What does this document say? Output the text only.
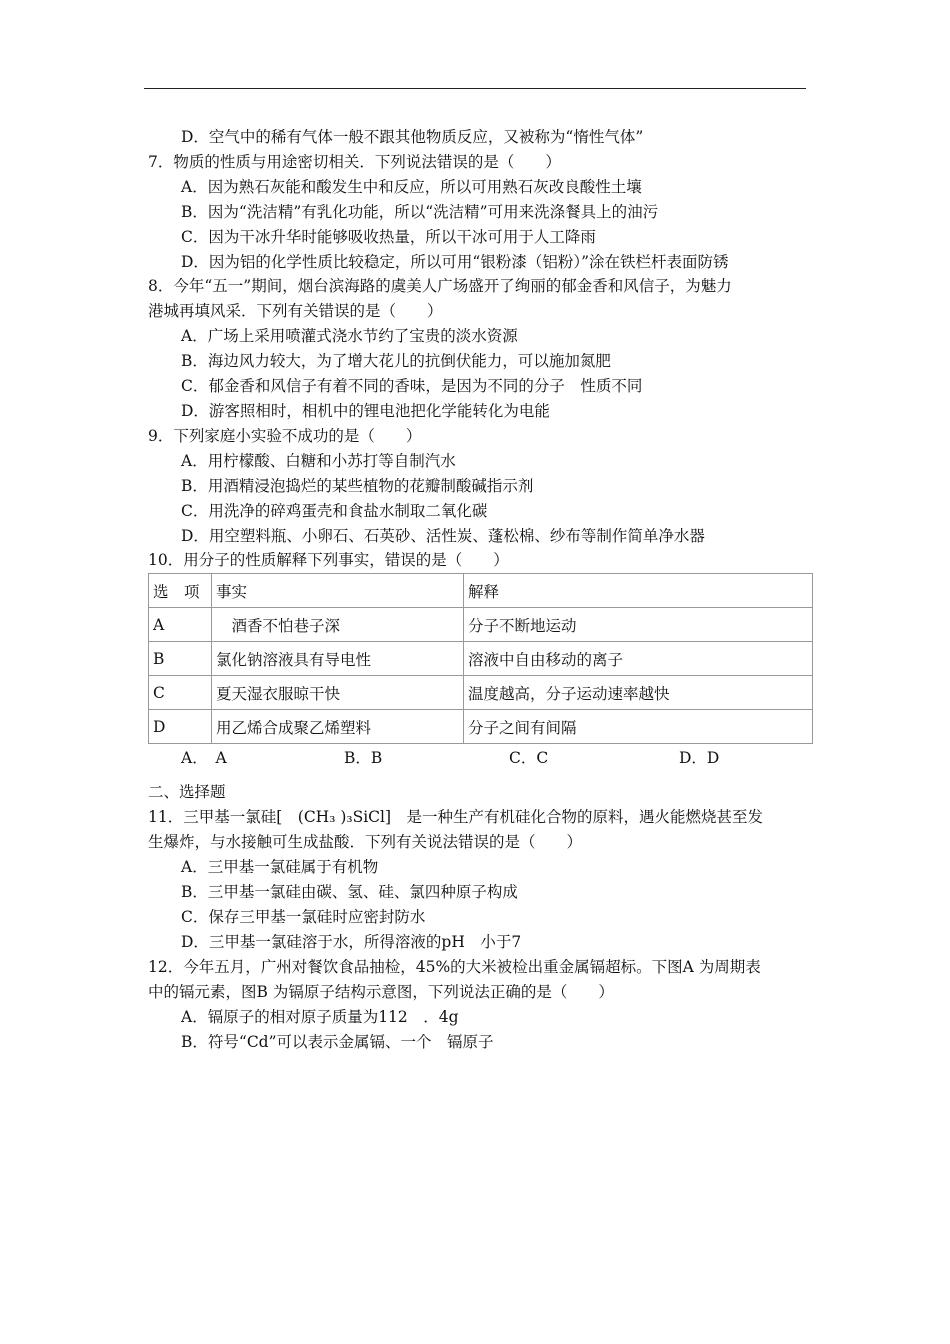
D．空气中的稀有气体一般不跟其他物质反应，又被称为“惰性气体”
7．物质的性质与用途密切相关．下列说法错误的是（　　）
A．因为熟石灰能和酸发生中和反应，所以可用熟石灰改良酸性土壤
B．因为“洗洁精”有乳化功能，所以“洗洁精”可用来洗涤餐具上的油污
C．因为干冰升华时能够吸收热量，所以干冰可用于人工降雨
D．因为铝的化学性质比较稳定，所以可用“银粉漆（铝粉）”涂在铁栏杆表面防锈
8．今年“五一”期间，烟台滨海路的虞美人广场盛开了绚丽的郁金香和风信子，为魅力
港城再填风采．下列有关错误的是（　　）
A．广场上采用喷灌式浇水节约了宝贵的淡水资源
B．海边风力较大，为了增大花儿的抗倒伏能力，可以施加氮肥
C．郁金香和风信子有着不同的香味，是因为不同的分子　性质不同
D．游客照相时，相机中的锂电池把化学能转化为电能
9．下列家庭小实验不成功的是（　　）
A．用柠檬酸、白糖和小苏打等自制汽水
B．用酒精浸泡捣烂的某些植物的花瓣制酸碱指示剂
C．用洗净的碎鸡蛋壳和食盐水制取二氧化碳
D．用空塑料瓶、小卵石、石英砂、活性炭、蓬松棉、纱布等制作简单净水器
10．用分子的性质解释下列事实，错误的是（　　）
选　项	事实	解释
A	　酒香不怕巷子深	分子不断地运动
B	氯化钠溶液具有导电性	溶液中自由移动的离子
C	夏天湿衣服晾干快	温度越高，分子运动速率越快
D	用乙烯合成聚乙烯塑料	分子之间有间隔
A．　A	B．B	C．C	D．D
二、选择题
11．三甲基一氯硅[　(CH₃ )₃SiCl]　是一种生产有机硅化合物的原料，遇火能燃烧甚至发
生爆炸，与水接触可生成盐酸．下列有关说法错误的是（　　）
A．三甲基一氯硅属于有机物
B．三甲基一氯硅由碳、氢、硅、氯四种原子构成
C．保存三甲基一氯硅时应密封防水
D．三甲基一氯硅溶于水，所得溶液的pH　小于7
12．今年五月，广州对餐饮食品抽检，45%的大米被检出重金属镉超标。下图A 为周期表
中的镉元素，图B 为镉原子结构示意图，下列说法正确的是（　　）
A．镉原子的相对原子质量为112　．4g
B．符号“Cd”可以表示金属镉、一个　镉原子
